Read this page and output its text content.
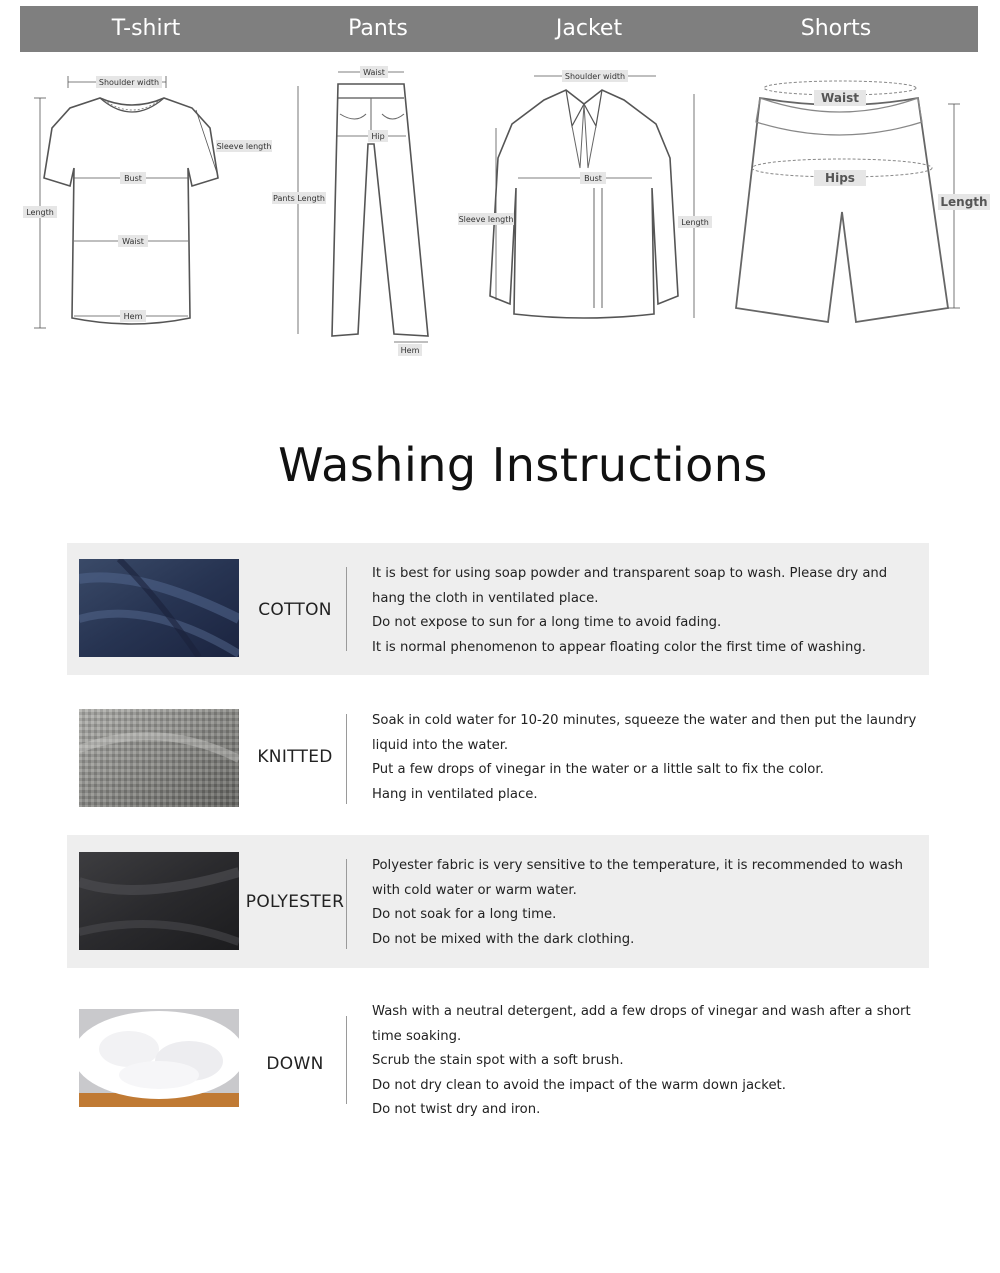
T-shirt	Pants	Jacket	Shorts
Shoulder width
Sleeve length
Bust
Waist
Hem
Length
Waist
Hip
Pants Length
Hem
Shoulder width
Bust
Sleeve length	Length
Waist
Hips
Length
Washing Instructions
COTTON

It is best for using soap powder and transparent soap to wash. Please dry and hang the cloth in ventilated place.

Do not expose to sun for a long time to avoid fading.

It is normal phenomenon to appear floating color the first time of washing.

KNITTED

Soak in cold water for 10-20 minutes, squeeze the water and then put the laundry liquid into the water.

Put a few drops of vinegar in the water or a little salt to fix the color.

Hang in ventilated place.

POLYESTER

Polyester fabric is very sensitive to the temperature, it is recommended to wash with cold water or warm water.

Do not soak for a long time.

Do not be mixed with the dark clothing.

DOWN

Wash with a neutral detergent, add a few drops of vinegar and wash after a short time soaking.

Scrub the stain spot with a soft brush.

Do not dry clean to avoid the impact of the warm down jacket.

Do not twist dry and iron.
